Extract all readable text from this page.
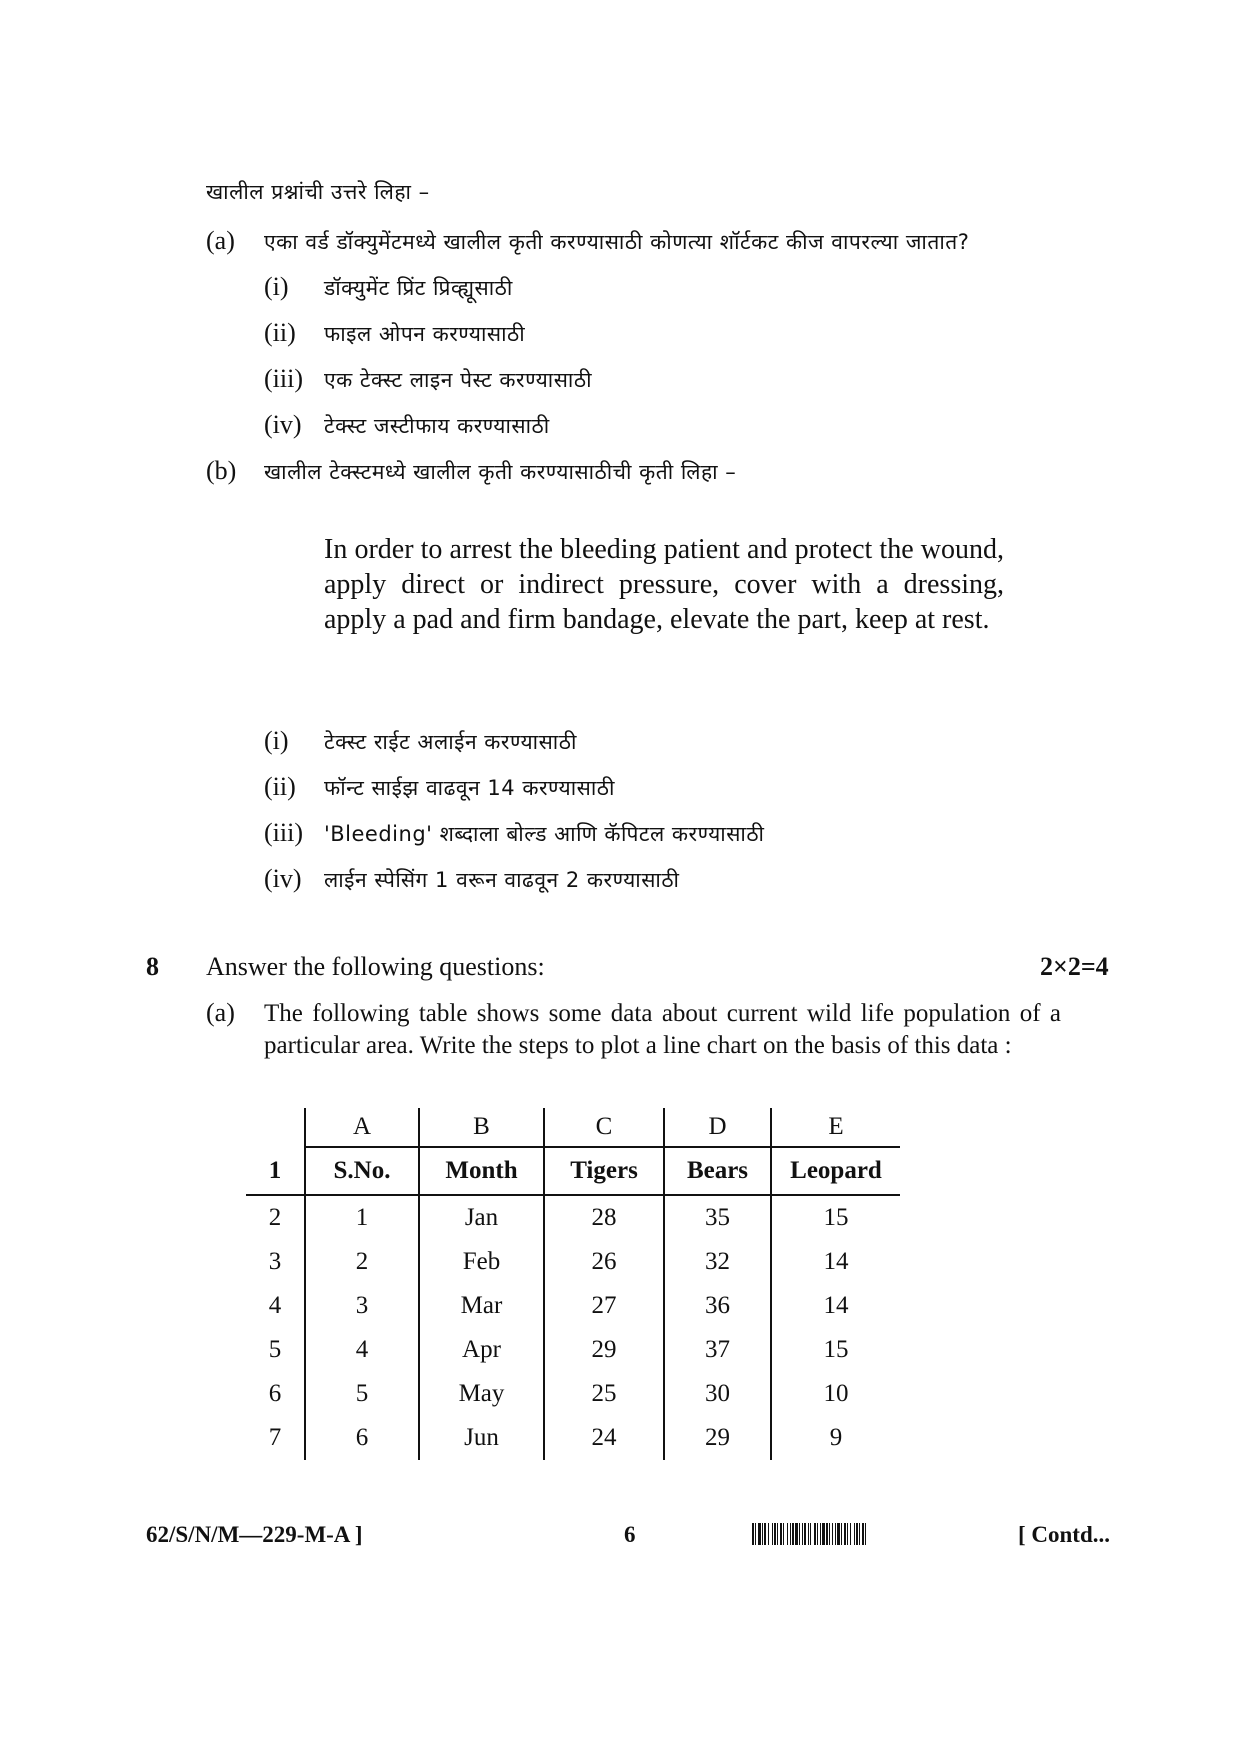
खालील प्रश्नांची उत्तरे लिहा –
(a) एका वर्ड डॉक्युमेंटमध्ये खालील कृती करण्यासाठी कोणत्या शॉर्टकट कीज वापरल्या जातात?
(i) डॉक्युमेंट प्रिंट प्रिव्ह्यूसाठी
(ii) फाइल ओपन करण्यासाठी
(iii) एक टेक्स्ट लाइन पेस्ट करण्यासाठी
(iv) टेक्स्ट जस्टीफाय करण्यासाठी
(b) खालील टेक्स्टमध्ये खालील कृती करण्यासाठीची कृती लिहा –
In order to arrest the bleeding patient and protect the wound, apply direct or indirect pressure, cover with a dressing, apply a pad and firm bandage, elevate the part, keep at rest.
(i) टेक्स्ट राईट अलाईन करण्यासाठी
(ii) फॉन्ट साईझ वाढवून 14 करण्यासाठी
(iii) 'Bleeding' शब्दाला बोल्ड आणि कॅपिटल करण्यासाठी
(iv) लाईन स्पेसिंग 1 वरून वाढवून 2 करण्यासाठी
8 Answer the following questions:	2×2=4
(a) The following table shows some data about current wild life population of a particular area. Write the steps to plot a line chart on the basis of this data :
	A	B	C	D	E
1	S.No.	Month	Tigers	Bears	Leopard
2	1	Jan	28	35	15
3	2	Feb	26	32	14
4	3	Mar	27	36	14
5	4	Apr	29	37	15
6	5	May	25	30	10
7	6	Jun	24	29	9
62/S/N/M—229-M-A ]	6	[ Contd...
